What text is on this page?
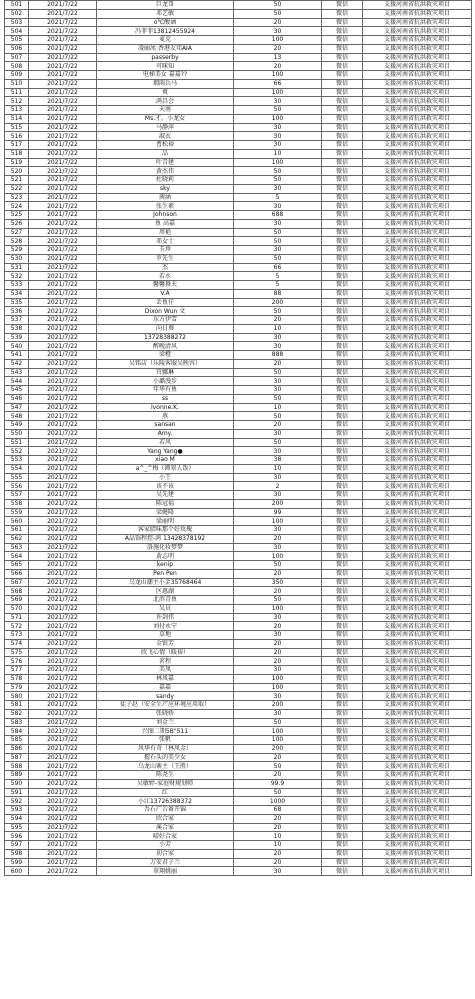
501	2021/7/22	巨龙哥	50	微信	支援河南省抗洪救灾项目
502	2021/7/22	邓艺敏	50	微信	支援河南省抗洪救灾项目
503	2021/7/22	o℃酸涵	20	微信	支援河南省抗洪救灾项目
504	2021/7/22	冯菲菲13812455924	30	微信	支援河南省抗洪救灾项目
505	2021/7/22	麦克	100	微信	支援河南省抗洪救灾项目
506	2021/7/22	凌丽冰 香港友邦AIA	20	微信	支援河南省抗洪救灾项目
507	2021/7/22	passerby	13	微信	支援河南省抗洪救灾项目
508	2021/7/22	可咪知	20	微信	支援河南省抗洪救灾项目
509	2021/7/22	电梯美女 嘉嘉??	100	微信	支援河南省抗洪救灾项目
510	2021/7/22	烟雨兵马	66	微信	支援河南省抗洪救灾项目
511	2021/7/22	爽	100	微信	支援河南省抗洪救灾项目
512	2021/7/22	鸿昌会	30	微信	支援河南省抗洪救灾项目
513	2021/7/22	天南	50	微信	支援河南省抗洪救灾项目
514	2021/7/22	Ms.才。小龙女	100	微信	支援河南省抗洪救灾项目
515	2021/7/22	马静萍	30	微信	支援河南省抗洪救灾项目
516	2021/7/22	淑衣	30	微信	支援河南省抗洪救灾项目
517	2021/7/22	曹松裕	30	微信	支援河南省抗洪救灾项目
518	2021/7/22	品	10	微信	支援河南省抗洪救灾项目
519	2021/7/22	叶青建	100	微信	支援河南省抗洪救灾项目
520	2021/7/22	黄杰伟	50	微信	支援河南省抗洪救灾项目
521	2021/7/22	杜晓莉	50	微信	支援河南省抗洪救灾项目
522	2021/7/22	sky	30	微信	支援河南省抗洪救灾项目
523	2021/7/22	茜涵	5	微信	支援河南省抗洪救灾项目
524	2021/7/22	张生素	30	微信	支援河南省抗洪救灾项目
525	2021/7/22	Johnson	688	微信	支援河南省抗洪救灾项目
526	2021/7/22	鱼 高嘉	30	微信	支援河南省抗洪救灾项目
527	2021/7/22	周艳	50	微信	支援河南省抗洪救灾项目
528	2021/7/22	邓女士	50	微信	支援河南省抗洪救灾项目
529	2021/7/22	玉珍	30	微信	支援河南省抗洪救灾项目
530	2021/7/22	罗先生	50	微信	支援河南省抗洪救灾项目
531	2021/7/22	杰	66	微信	支援河南省抗洪救灾项目
532	2021/7/22	若水	5	微信	支援河南省抗洪救灾项目
533	2021/7/22	馨馨舞天	5	微信	支援河南省抗洪救灾项目
534	2021/7/22	V.A	88	微信	支援河南省抗洪救灾项目
535	2021/7/22	丢鱼仔	200	微信	支援河南省抗洪救灾项目
536	2021/7/22	Dixon Wun 文	50	微信	支援河南省抗洪救灾项目
537	2021/7/22	东方伊雪	20	微信	支援河南省抗洪救灾项目
538	2021/7/22	向日葵	10	微信	支援河南省抗洪救灾项目
539	2021/7/22	13728388272	30	微信	支援河南省抗洪救灾项目
540	2021/7/22	醉晚清风	30	微信	支援河南省抗洪救灾项目
541	2021/7/22	梁橙	888	微信	支援河南省抗洪救灾项目
542	2021/7/22	吴铭店（乐陵客服吴映容）	20	微信	支援河南省抗洪救灾项目
543	2021/7/22	官娜琳	50	微信	支援河南省抗洪救灾项目
544	2021/7/22	小璐漫步	30	微信	支援河南省抗洪救灾项目
545	2021/7/22	年华有鱼	30	微信	支援河南省抗洪救灾项目
546	2021/7/22	ss	50	微信	支援河南省抗洪救灾项目
547	2021/7/22	Ivonne.K.	10	微信	支援河南省抗洪救灾项目
548	2021/7/22	燕	50	微信	支援河南省抗洪救灾项目
549	2021/7/22	sansan	20	微信	支援河南省抗洪救灾项目
550	2021/7/22	Amy.	30	微信	支援河南省抗洪救灾项目
551	2021/7/22	若风	50	微信	支援河南省抗洪救灾项目
552	2021/7/22	Yang Yang●	30	微信	支援河南省抗洪救灾项目
553	2021/7/22	xiao M	38	微信	支援河南省抗洪救灾项目
554	2021/7/22	a^_^梅（谭翠人饭）	10	微信	支援河南省抗洪救灾项目
555	2021/7/22	小王	30	微信	支援河南省抗洪救灾项目
556	2021/7/22	该不该	2	微信	支援河南省抗洪救灾项目
557	2021/7/22	吴先建	30	微信	支援河南省抗洪救灾项目
558	2021/7/22	陈冠福	200	微信	支援河南省抗洪救灾项目
559	2021/7/22	梁健隆	99	微信	支援河南省抗洪救灾项目
560	2021/7/22	梁丽明	100	微信	支援河南省抗洪救灾项目
561	2021/7/22	客家腊味那个好玫瑰	30	微信	支援河南省抗洪救灾项目
562	2021/7/22	A晶饰程控-鸿 13428378192	20	微信	支援河南省抗洪救灾项目
563	2021/7/22	洛施化妆梦梦	30	微信	支援河南省抗洪救灾项目
564	2021/7/22	黄志明	100	微信	支援河南省抗洪救灾项目
565	2021/7/22	kenip	50	微信	支援河南省抗洪救灾项目
566	2021/7/22	Pen Pen	20	微信	支援河南省抗洪救灾项目
567	2021/7/22	乌龙山潮主小金35768464	350	微信	支援河南省抗洪救灾项目
568	2021/7/22	区惠湖	20	微信	支援河南省抗洪救灾项目
569	2021/7/22	北滨青鱼	50	微信	支援河南省抗洪救灾项目
570	2021/7/22	吴员	100	微信	支援河南省抗洪救灾项目
571	2021/7/22	许剑伟	30	微信	支援河南省抗洪救灾项目
572	2021/7/22	刘付永宁	20	微信	支援河南省抗洪救灾项目
573	2021/7/22	草地	30	微信	支援河南省抗洪救灾项目
574	2021/7/22	金银芳	20	微信	支援河南省抗洪救灾项目
575	2021/7/22	欣飞心情（暖裕）	20	微信	支援河南省抗洪救灾项目
576	2021/7/22	茗程	20	微信	支援河南省抗洪救灾项目
577	2021/7/22	美凤	30	微信	支援河南省抗洪救灾项目
578	2021/7/22	林凤嘉	100	微信	支援河南省抗洪救灾项目
579	2021/7/22	嘉嘉	100	微信	支援河南省抗洪救灾项目
580	2021/7/22	sandy	30	微信	支援河南省抗洪救灾项目
581	2021/7/22	徒子赵（安全生产应环境应用取）	200	微信	支援河南省抗洪救灾项目
582	2021/7/22	张晓娇	30	微信	支援河南省抗洪救灾项目
583	2021/7/22	刘金兰	50	微信	支援河南省抗洪救灾项目
584	2021/7/22	兴图二期5B"511	100	微信	支援河南省抗洪救灾项目
585	2021/7/22	张帆	100	微信	支援河南省抗洪救灾项目
586	2021/7/22	风华有奇（林凤金）	200	微信	支援河南省抗洪救灾项目
587	2021/7/22	握石头的美少女	20	微信	支援河南省抗洪救灾项目
588	2021/7/22	乌龙山寨主（王胜）	50	微信	支援河南省抗洪救灾项目
589	2021/7/22	陈尧生	20	微信	支援河南省抗洪救灾项目
590	2021/7/22	吴敏婷-家庭财规划师	99.9	微信	支援河南省抗洪救灾项目
591	2021/7/22	红	50	微信	支援河南省抗洪救灾项目
592	2021/7/22	小江13726388372	1000	微信	支援河南省抗洪救灾项目
593	2021/7/22	吾石广告番开锦	68	微信	支援河南省抗洪救灾项目
594	2021/7/22	欣合家	20	微信	支援河南省抗洪救灾项目
595	2021/7/22	溪合家	20	微信	支援河南省抗洪救灾项目
596	2021/7/22	晴好合家	10	微信	支援河南省抗洪救灾项目
597	2021/7/22	小芳	10	微信	支援河南省抗洪救灾项目
598	2021/7/22	初合家	20	微信	支援河南省抗洪救灾项目
599	2021/7/22	万安君子兰	20	微信	支援河南省抗洪救灾项目
600	2021/7/22	翠翔姚丽	30	微信	支援河南省抗洪救灾项目
